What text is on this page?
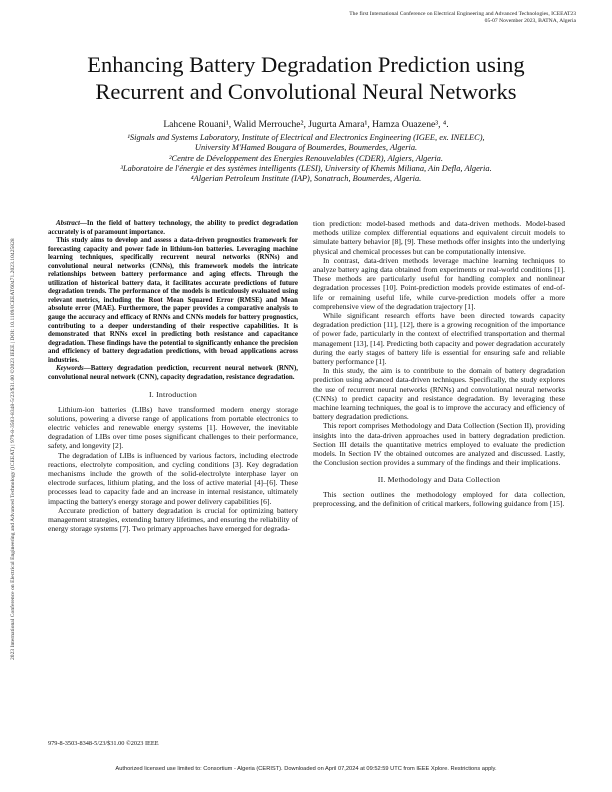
The first International Conference on Electrical Engineering and Advanced Technologies, ICEEAT23
05-07 November 2023, BATNA, Algeria
2023 International Conference on Electrical Engineering and Advanced Technology (ICEEAT) | 979-8-3503-8348-5/23/$31.00 ©2023 IEEE | DOI: 10.1109/ICEEAT60471.2023.10425828
Enhancing Battery Degradation Prediction using
Recurrent and Convolutional Neural Networks
Lahcene Rouani¹, Walid Merrouche², Jugurta Amara¹, Hamza Ouazene³, ⁴.
¹Signals and Systems Laboratory, Institute of Electrical and Electronics Engineering (IGEE, ex. INELEC),
University M'Hamed Bougara of Boumerdes, Boumerdes, Algeria.
²Centre de Développement des Energies Renouvelables (CDER), Algiers, Algeria.
³Laboratoire de l'énergie et des systèmes intelligents (LESI), University of Khemis Miliana, Ain Defla, Algeria.
⁴Algerian Petroleum Institute (IAP), Sonatrach, Boumerdes, Algeria.

Abstract—In the field of battery technology, the ability to predict degradation accurately is of paramount importance.

This study aims to develop and assess a data-driven prognostics framework for forecasting capacity and power fade in lithium-ion batteries. Leveraging machine learning techniques, specifically recurrent neural networks (RNNs) and convolutional neural networks (CNNs), this framework models the intricate relationships between battery performance and aging effects. Through the utilization of historical battery data, it facilitates accurate predictions of future degradation trends. The performance of the models is meticulously evaluated using relevant metrics, including the Root Mean Squared Error (RMSE) and Mean absolute error (MAE). Furthermore, the paper provides a comparative analysis to gauge the accuracy and efficacy of RNNs and CNNs models for battery prognostics, contributing to a deeper understanding of their respective capabilities. It is demonstrated that RNNs excel in predicting both resistance and capacitance degradation. These findings have the potential to significantly enhance the precision and efficiency of battery degradation predictions, with broad applications across industries.

Keywords—Battery degradation prediction, recurrent neural network (RNN), convolutional neural network (CNN), capacity degradation, resistance degradation.

I. Introduction

Lithium-ion batteries (LIBs) have transformed modern energy storage solutions, powering a diverse range of applications from portable electronics to electric vehicles and renewable energy systems [1]. However, the inevitable degradation of LIBs over time poses significant challenges to their performance, safety, and longevity [2].

The degradation of LIBs is influenced by various factors, including electrode reactions, electrolyte composition, and cycling conditions [3]. Key degradation mechanisms include the growth of the solid-electrolyte interphase layer on electrode surfaces, lithium plating, and the loss of active material [4]–[6]. These processes lead to capacity fade and an increase in internal resistance, ultimately impacting the battery's energy storage and power delivery capabilities [6].

Accurate prediction of battery degradation is crucial for optimizing battery management strategies, extending battery lifetimes, and ensuring the reliability of energy storage systems [7]. Two primary approaches have emerged for degrada-

tion prediction: model-based methods and data-driven methods. Model-based methods utilize complex differential equations and equivalent circuit models to simulate battery behavior [8], [9]. These methods offer insights into the underlying physical and chemical processes but can be computationally intensive.

In contrast, data-driven methods leverage machine learning techniques to analyze battery aging data obtained from experiments or real-world conditions [1]. These methods are particularly useful for handling complex and nonlinear degradation processes [10]. Point-prediction models provide estimates of end-of-life or remaining useful life, while curve-prediction models offer a more comprehensive view of the degradation trajectory [1].

While significant research efforts have been directed towards capacity degradation prediction [11], [12], there is a growing recognition of the importance of power fade, particularly in the context of electrified transportation and thermal management [13], [14]. Predicting both capacity and power degradation accurately during the early stages of battery life is essential for ensuring safe and reliable battery performance [1].

In this study, the aim is to contribute to the domain of battery degradation prediction using advanced data-driven techniques. Specifically, the study explores the use of recurrent neural networks (RNNs) and convolutional neural networks (CNNs) to predict capacity and resistance degradation. By leveraging these machine learning techniques, the goal is to improve the accuracy and efficiency of battery degradation predictions.

This report comprises Methodology and Data Collection (Section II), providing insights into the data-driven approaches used in battery degradation prediction. Section III details the quantitative metrics employed to evaluate the prediction models. In Section IV the obtained outcomes are analyzed and discussed. Lastly, the Conclusion section provides a summary of the findings and their implications.

II. Methodology and Data Collection

This section outlines the methodology employed for data collection, preprocessing, and the definition of critical markers, following guidance from [15].

979-8-3503-8348-5/23/$31.00 ©2023 IEEE
Authorized licensed use limited to: Consortium - Algeria (CERIST). Downloaded on April 07,2024 at 09:52:59 UTC from IEEE Xplore. Restrictions apply.
